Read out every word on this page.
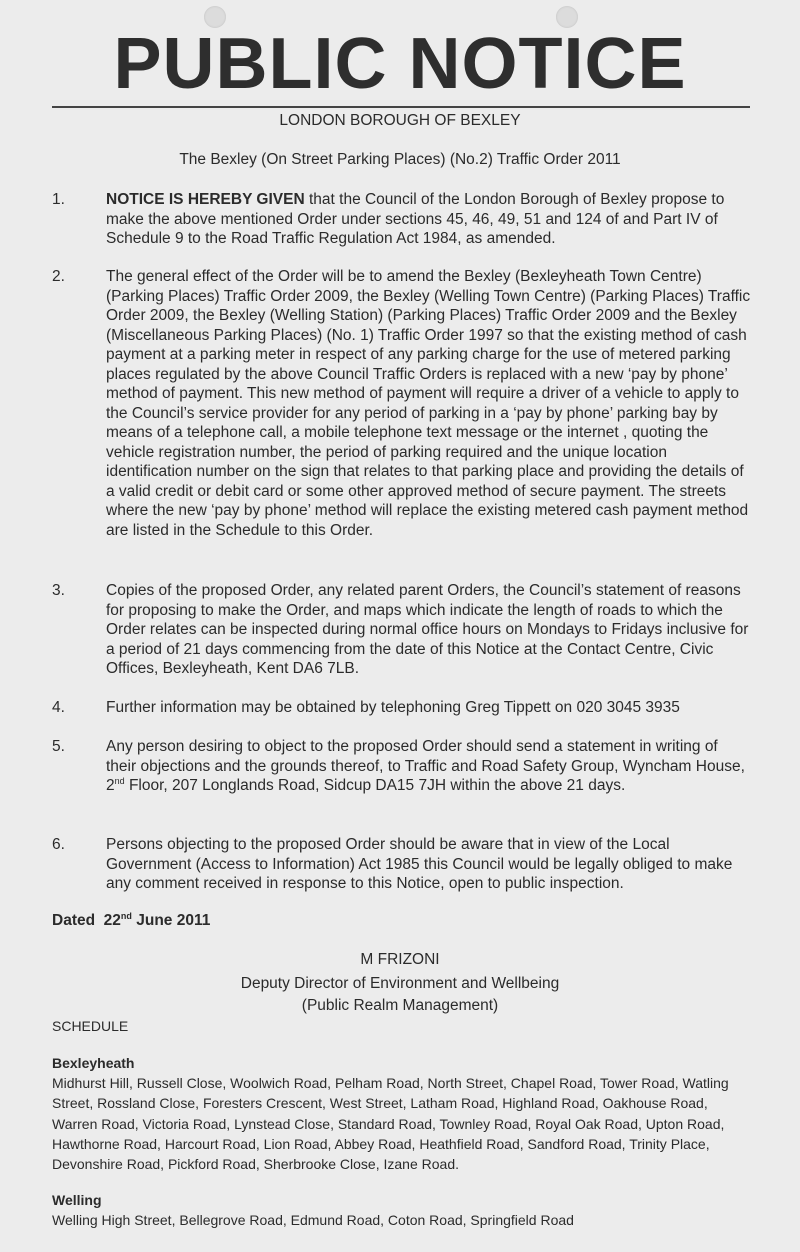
PUBLIC NOTICE
LONDON BOROUGH OF BEXLEY
The Bexley (On Street Parking Places) (No.2) Traffic Order 2011
1.	NOTICE IS HEREBY GIVEN that the Council of the London Borough of Bexley propose to make the above mentioned Order under sections 45, 46, 49, 51 and 124 of and Part IV of Schedule 9 to the Road Traffic Regulation Act 1984, as amended.
2.	The general effect of the Order will be to amend the Bexley (Bexleyheath Town Centre) (Parking Places) Traffic Order 2009, the Bexley (Welling Town Centre) (Parking Places) Traffic Order 2009, the Bexley (Welling Station) (Parking Places) Traffic Order 2009 and the Bexley (Miscellaneous Parking Places) (No. 1) Traffic Order 1997 so that the existing method of cash payment at a parking meter in respect of any parking charge for the use of metered parking places regulated by the above Council Traffic Orders is replaced with a new ‘pay by phone’ method of payment. This new method of payment will require a driver of a vehicle to apply to the Council’s service provider for any period of parking in a ‘pay by phone’ parking bay by means of a telephone call, a mobile telephone text message or the internet , quoting the vehicle registration number, the period of parking required and the unique location identification number on the sign that relates to that parking place and providing the details of a valid credit or debit card or some other approved method of secure payment. The streets where the new ‘pay by phone’ method will replace the existing metered cash payment method are listed in the Schedule to this Order.
3.	Copies of the proposed Order, any related parent Orders, the Council’s statement of reasons for proposing to make the Order, and maps which indicate the length of roads to which the Order relates can be inspected during normal office hours on Mondays to Fridays inclusive for a period of 21 days commencing from the date of this Notice at the Contact Centre, Civic Offices, Bexleyheath, Kent DA6 7LB.
4.	Further information may be obtained by telephoning Greg Tippett on 020 3045 3935
5.	Any person desiring to object to the proposed Order should send a statement in writing of their objections and the grounds thereof, to Traffic and Road Safety Group, Wyncham House, 2nd Floor, 207 Longlands Road, Sidcup DA15 7JH within the above 21 days.
6.	Persons objecting to the proposed Order should be aware that in view of the Local Government (Access to Information) Act 1985 this Council would be legally obliged to make any comment received in response to this Notice, open to public inspection.
Dated  22nd June 2011
M FRIZONI
Deputy Director of Environment and Wellbeing
(Public Realm Management)
SCHEDULE
Bexleyheath
Midhurst Hill, Russell Close, Woolwich Road, Pelham Road, North Street, Chapel Road, Tower Road, Watling Street, Rossland Close, Foresters Crescent, West Street, Latham Road, Highland Road, Oakhouse Road, Warren Road, Victoria Road, Lynstead Close, Standard Road, Townley Road, Royal Oak Road, Upton Road, Hawthorne Road, Harcourt Road, Lion Road, Abbey Road, Heathfield Road, Sandford Road, Trinity Place, Devonshire Road, Pickford Road, Sherbrooke Close, Izane Road.
Welling
Welling High Street, Bellegrove Road, Edmund Road, Coton Road, Springfield Road
